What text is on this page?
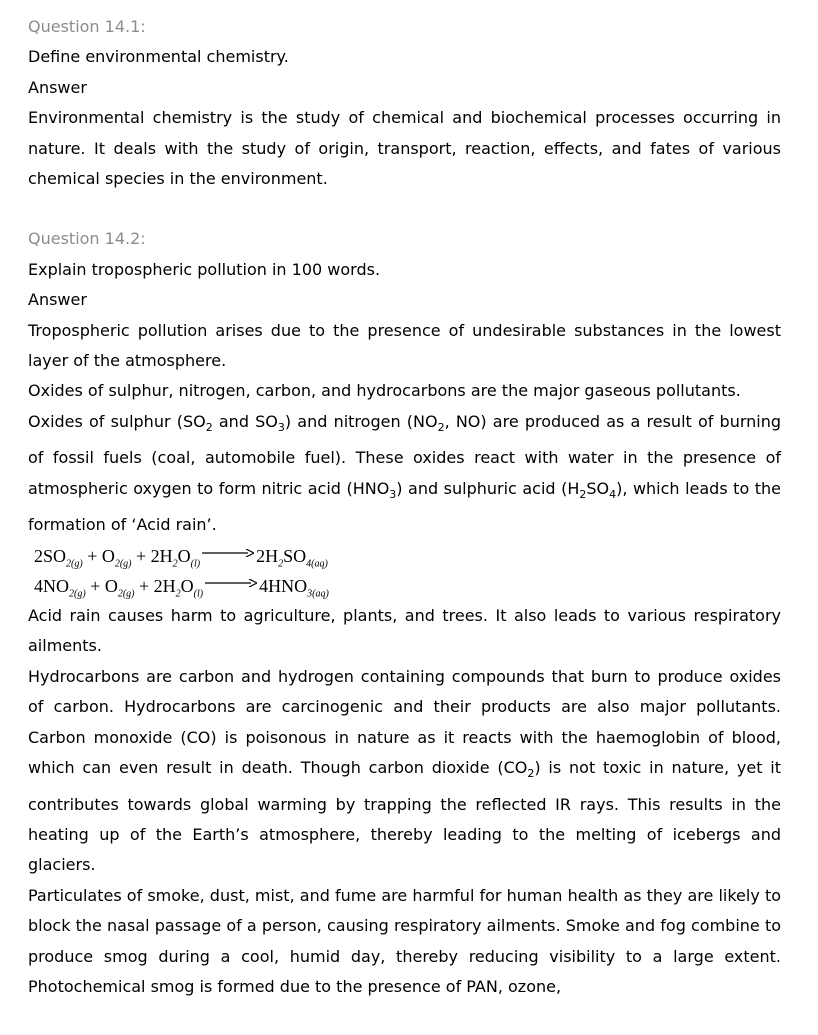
Question 14.1:

Define environmental chemistry.

Answer

Environmental chemistry is the study of chemical and biochemical processes occurring in nature. It deals with the study of origin, transport, reaction, effects, and fates of various chemical species in the environment.

Question 14.2:

Explain tropospheric pollution in 100 words.

Answer

Tropospheric pollution arises due to the presence of undesirable substances in the lowest layer of the atmosphere.

Oxides of sulphur, nitrogen, carbon, and hydrocarbons are the major gaseous pollutants.

Oxides of sulphur ($SO_2$ and $SO_3$) and nitrogen ($NO_2$, NO) are produced as a result of burning of fossil fuels (coal, automobile fuel). These oxides react with water in the presence of atmospheric oxygen to form nitric acid $(HNO_3)$ and sulphuric acid $(H_2SO_4)$, which leads to the formation of ‘Acid rain’.

$2SO_{2(g)} + O_{2(g)} + 2H_2O_{(l)} \to 2H_2SO_{4(aq)}$
$4NO_{2(g)} + O_{2(g)} + 2H_2O_{(l)} \to 4HNO_{3(aq)}$

Acid rain causes harm to agriculture, plants, and trees. It also leads to various respiratory ailments.

Hydrocarbons are carbon and hydrogen containing compounds that burn to produce oxides of carbon. Hydrocarbons are carcinogenic and their products are also major pollutants. Carbon monoxide (CO) is poisonous in nature as it reacts with the haemoglobin of blood, which can even result in death. Though carbon dioxide $(CO_2)$ is not toxic in nature, yet it contributes towards global warming by trapping the reflected IR rays. This results in the heating up of the Earth’s atmosphere, thereby leading to the melting of icebergs and glaciers.

Particulates of smoke, dust, mist, and fume are harmful for human health as they are likely to block the nasal passage of a person, causing respiratory ailments. Smoke and fog combine to produce smog during a cool, humid day, thereby reducing visibility to a large extent. Photochemical smog is formed due to the presence of PAN, ozone,
